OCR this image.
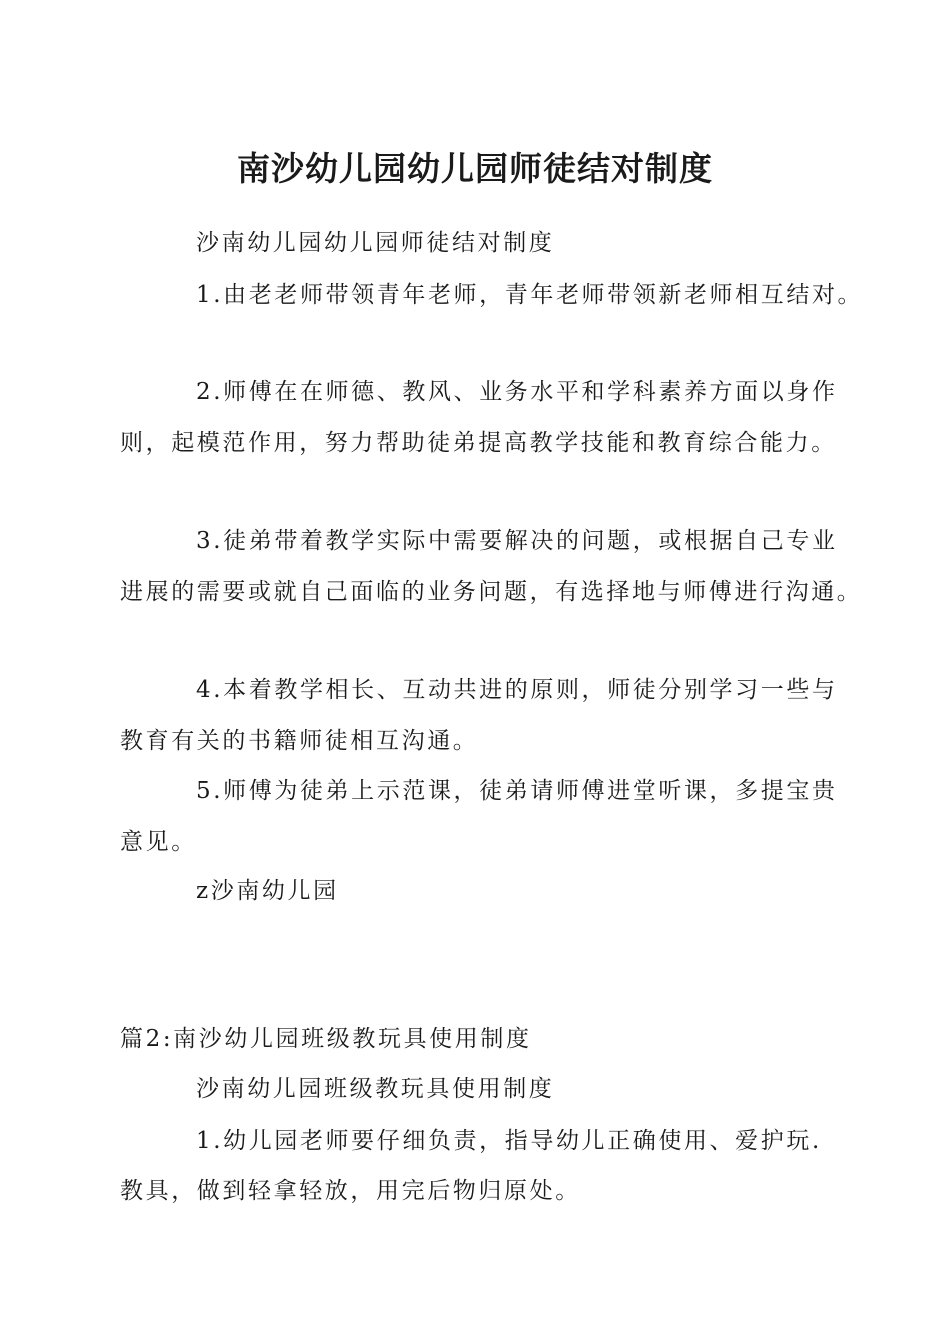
南沙幼儿园幼儿园师徒结对制度

沙南幼儿园幼儿园师徒结对制度

1.由老老师带领青年老师，青年老师带领新老师相互结对。

2.师傅在在师德、教风、业务水平和学科素养方面以身作

则，起模范作用，努力帮助徒弟提高教学技能和教育综合能力。

3.徒弟带着教学实际中需要解决的问题，或根据自己专业

进展的需要或就自己面临的业务问题，有选择地与师傅进行沟通。

4.本着教学相长、互动共进的原则，师徒分别学习一些与

教育有关的书籍师徒相互沟通。

5.师傅为徒弟上示范课，徒弟请师傅进堂听课，多提宝贵

意见。

z沙南幼儿园

篇2:南沙幼儿园班级教玩具使用制度

沙南幼儿园班级教玩具使用制度

1.幼儿园老师要仔细负责，指导幼儿正确使用、爱护玩.

教具，做到轻拿轻放，用完后物归原处。
